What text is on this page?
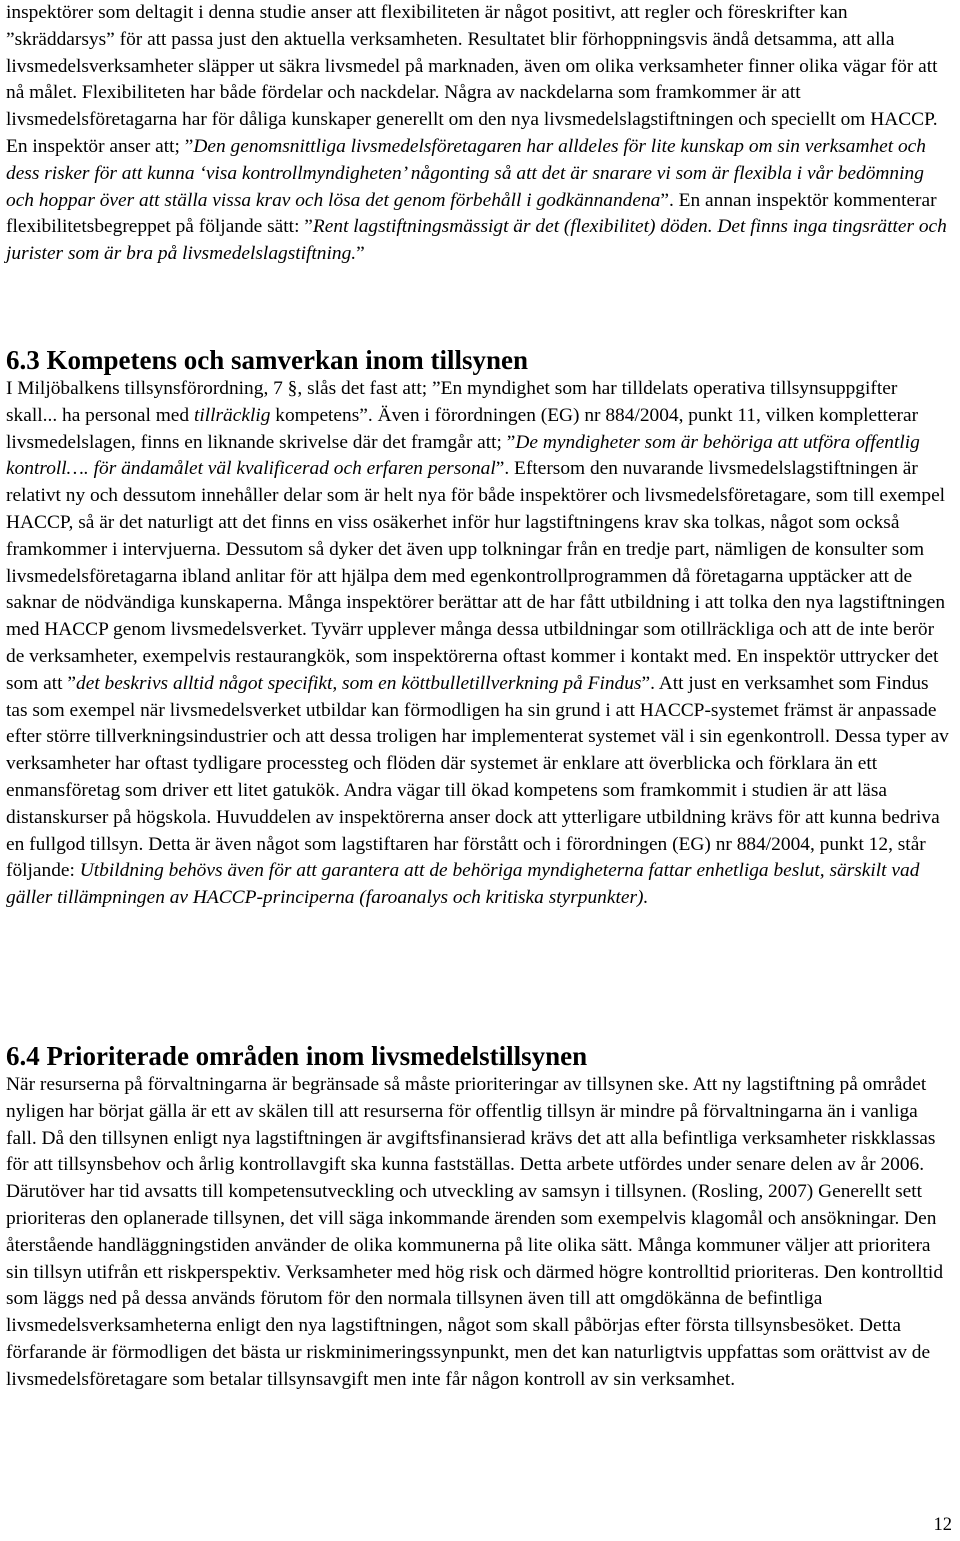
inspektörer som deltagit i denna studie anser att flexibiliteten är något positivt, att regler och föreskrifter kan ”skräddarsys” för att passa just den aktuella verksamheten. Resultatet blir förhoppningsvis ändå detsamma, att alla livsmedelsverksamheter släpper ut säkra livsmedel på marknaden, även om olika verksamheter finner olika vägar för att nå målet. Flexibiliteten har både fördelar och nackdelar. Några av nackdelarna som framkommer är att livsmedelsföretagarna har för dåliga kunskaper generellt om den nya livsmedelslagstiftningen och speciellt om HACCP. En inspektör anser att; ”Den genomsnittliga livsmedelsföretagaren har alldeles för lite kunskap om sin verksamhet och dess risker för att kunna ‘visa kontrollmyndigheten’ någonting så att det är snarare vi som är flexibla i vår bedömning och hoppar över att ställa vissa krav och lösa det genom förbehåll i godkännandena”. En annan inspektör kommenterar flexibilitetsbegreppet på följande sätt: ”Rent lagstiftningsmässigt är det (flexibilitet) döden. Det finns inga tingsrätter och jurister som är bra på livsmedelslagstiftning.”

6.3 Kompetens och samverkan inom tillsynen

I Miljöbalkens tillsynsförordning, 7 §, slås det fast att; ”En myndighet som har tilldelats operativa tillsynsuppgifter skall... ha personal med tillräcklig kompetens”. Även i förordningen (EG) nr 884/2004, punkt 11, vilken kompletterar livsmedelslagen, finns en liknande skrivelse där det framgår att; ”De myndigheter som är behöriga att utföra offentlig kontroll…. för ändamålet väl kvalificerad och erfaren personal”. Eftersom den nuvarande livsmedelslagstiftningen är relativt ny och dessutom innehåller delar som är helt nya för både inspektörer och livsmedelsföretagare, som till exempel HACCP, så är det naturligt att det finns en viss osäkerhet inför hur lagstiftningens krav ska tolkas, något som också framkommer i intervjuerna. Dessutom så dyker det även upp tolkningar från en tredje part, nämligen de konsulter som livsmedelsföretagarna ibland anlitar för att hjälpa dem med egenkontrollprogrammen då företagarna upptäcker att de saknar de nödvändiga kunskaperna. Många inspektörer berättar att de har fått utbildning i att tolka den nya lagstiftningen med HACCP genom livsmedelsverket. Tyvärr upplever många dessa utbildningar som otillräckliga och att de inte berör de verksamheter, exempelvis restaurangkök, som inspektörerna oftast kommer i kontakt med. En inspektör uttrycker det som att ”det beskrivs alltid något specifikt, som en köttbulletillverkning på Findus”. Att just en verksamhet som Findus tas som exempel när livsmedelsverket utbildar kan förmodligen ha sin grund i att HACCP-systemet främst är anpassade efter större tillverkningsindustrier och att dessa troligen har implementerat systemet väl i sin egenkontroll. Dessa typer av verksamheter har oftast tydligare processteg och flöden där systemet är enklare att överblicka och förklara än ett enmansföretag som driver ett litet gatukök. Andra vägar till ökad kompetens som framkommit i studien är att läsa distanskurser på högskola. Huvuddelen av inspektörerna anser dock att ytterligare utbildning krävs för att kunna bedriva en fullgod tillsyn. Detta är även något som lagstiftaren har förstått och i förordningen (EG) nr 884/2004, punkt 12, står följande: Utbildning behövs även för att garantera att de behöriga myndigheterna fattar enhetliga beslut, särskilt vad gäller tillämpningen av HACCP-principerna (faroanalys och kritiska styrpunkter).

6.4 Prioriterade områden inom livsmedelstillsynen

När resurserna på förvaltningarna är begränsade så måste prioriteringar av tillsynen ske. Att ny lagstiftning på området nyligen har börjat gälla är ett av skälen till att resurserna för offentlig tillsyn är mindre på förvaltningarna än i vanliga fall. Då den tillsynen enligt nya lagstiftningen är avgiftsfinansierad krävs det att alla befintliga verksamheter riskklassas för att tillsynsbehov och årlig kontrollavgift ska kunna fastställas. Detta arbete utfördes under senare delen av år 2006. Därutöver har tid avsatts till kompetensutveckling och utveckling av samsyn i tillsynen. (Rosling, 2007) Generellt sett prioriteras den oplanerade tillsynen, det vill säga inkommande ärenden som exempelvis klagomål och ansökningar. Den återstående handläggningstiden använder de olika kommunerna på lite olika sätt. Många kommuner väljer att prioritera sin tillsyn utifrån ett riskperspektiv. Verksamheter med hög risk och därmed högre kontrolltid prioriteras. Den kontrolltid som läggs ned på dessa används förutom för den normala tillsynen även till att omgdökänna de befintliga livsmedelsverksamheterna enligt den nya lagstiftningen, något som skall påbörjas efter första tillsynsbesöket. Detta förfarande är förmodligen det bästa ur riskminimeringssynpunkt, men det kan naturligtvis uppfattas som orättvist av de livsmedelsföretagare som betalar tillsynsavgift men inte får någon kontroll av sin verksamhet.

12
